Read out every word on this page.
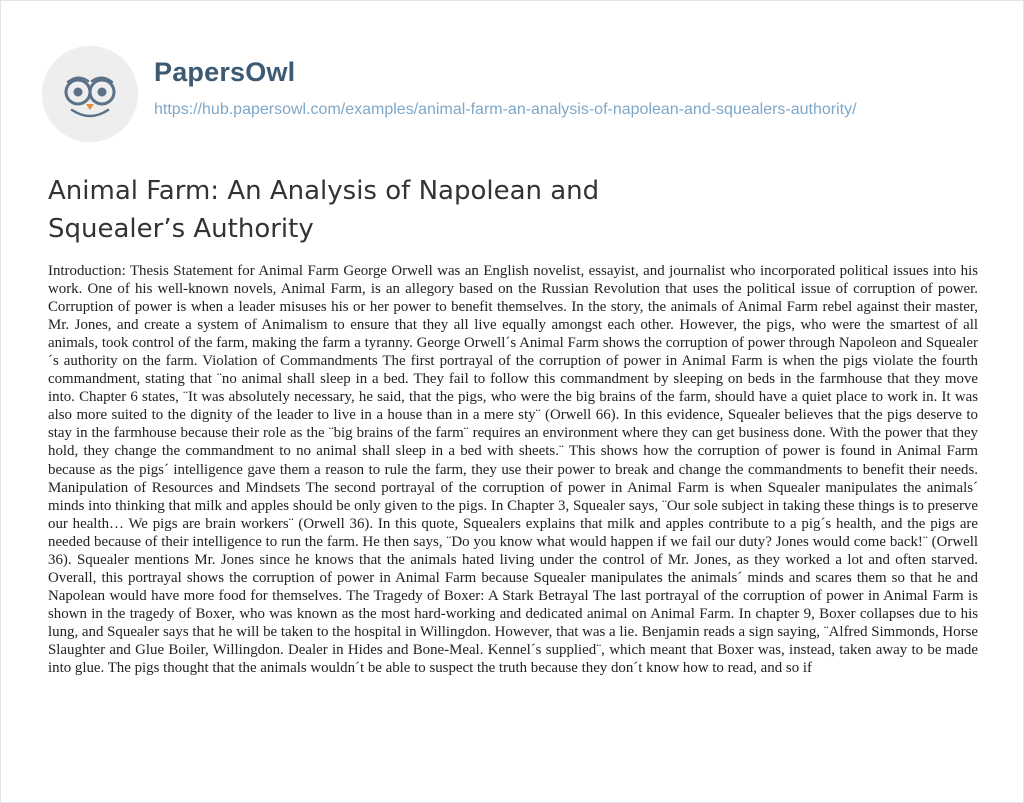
PapersOwl
https://hub.papersowl.com/examples/animal-farm-an-analysis-of-napolean-and-squealers-authority/
Animal Farm: An Analysis of Napolean and Squealer’s Authority

Introduction: Thesis Statement for Animal Farm George Orwell was an English novelist, essayist, and journalist who incorporated political issues into his work. One of his well-known novels, Animal Farm, is an allegory based on the Russian Revolution that uses the political issue of corruption of power. Corruption of power is when a leader misuses his or her power to benefit themselves. In the story, the animals of Animal Farm rebel against their master, Mr. Jones, and create a system of Animalism to ensure that they all live equally amongst each other. However, the pigs, who were the smartest of all animals, took control of the farm, making the farm a tyranny. George Orwell´s Animal Farm shows the corruption of power through Napoleon and Squealer´s authority on the farm. Violation of Commandments The first portrayal of the corruption of power in Animal Farm is when the pigs violate the fourth commandment, stating that ¨no animal shall sleep in a bed. They fail to follow this commandment by sleeping on beds in the farmhouse that they move into. Chapter 6 states, ¨It was absolutely necessary, he said, that the pigs, who were the big brains of the farm, should have a quiet place to work in. It was also more suited to the dignity of the leader to live in a house than in a mere sty¨ (Orwell 66). In this evidence, Squealer believes that the pigs deserve to stay in the farmhouse because their role as the ¨big brains of the farm¨ requires an environment where they can get business done. With the power that they hold, they change the commandment to no animal shall sleep in a bed with sheets.¨ This shows how the corruption of power is found in Animal Farm because as the pigs´ intelligence gave them a reason to rule the farm, they use their power to break and change the commandments to benefit their needs. Manipulation of Resources and Mindsets The second portrayal of the corruption of power in Animal Farm is when Squealer manipulates the animals´ minds into thinking that milk and apples should be only given to the pigs. In Chapter 3, Squealer says, ¨Our sole subject in taking these things is to preserve our health… We pigs are brain workers¨ (Orwell 36). In this quote, Squealers explains that milk and apples contribute to a pig´s health, and the pigs are needed because of their intelligence to run the farm. He then says, ¨Do you know what would happen if we fail our duty? Jones would come back!¨ (Orwell 36). Squealer mentions Mr. Jones since he knows that the animals hated living under the control of Mr. Jones, as they worked a lot and often starved. Overall, this portrayal shows the corruption of power in Animal Farm because Squealer manipulates the animals´ minds and scares them so that he and Napolean would have more food for themselves. The Tragedy of Boxer: A Stark Betrayal The last portrayal of the corruption of power in Animal Farm is shown in the tragedy of Boxer, who was known as the most hard-working and dedicated animal on Animal Farm. In chapter 9, Boxer collapses due to his lung, and Squealer says that he will be taken to the hospital in Willingdon. However, that was a lie. Benjamin reads a sign saying, ¨Alfred Simmonds, Horse Slaughter and Glue Boiler, Willingdon. Dealer in Hides and Bone-Meal. Kennel´s supplied¨, which meant that Boxer was, instead, taken away to be made into glue. The pigs thought that the animals wouldn´t be able to suspect the truth because they don´t know how to read, and so if
